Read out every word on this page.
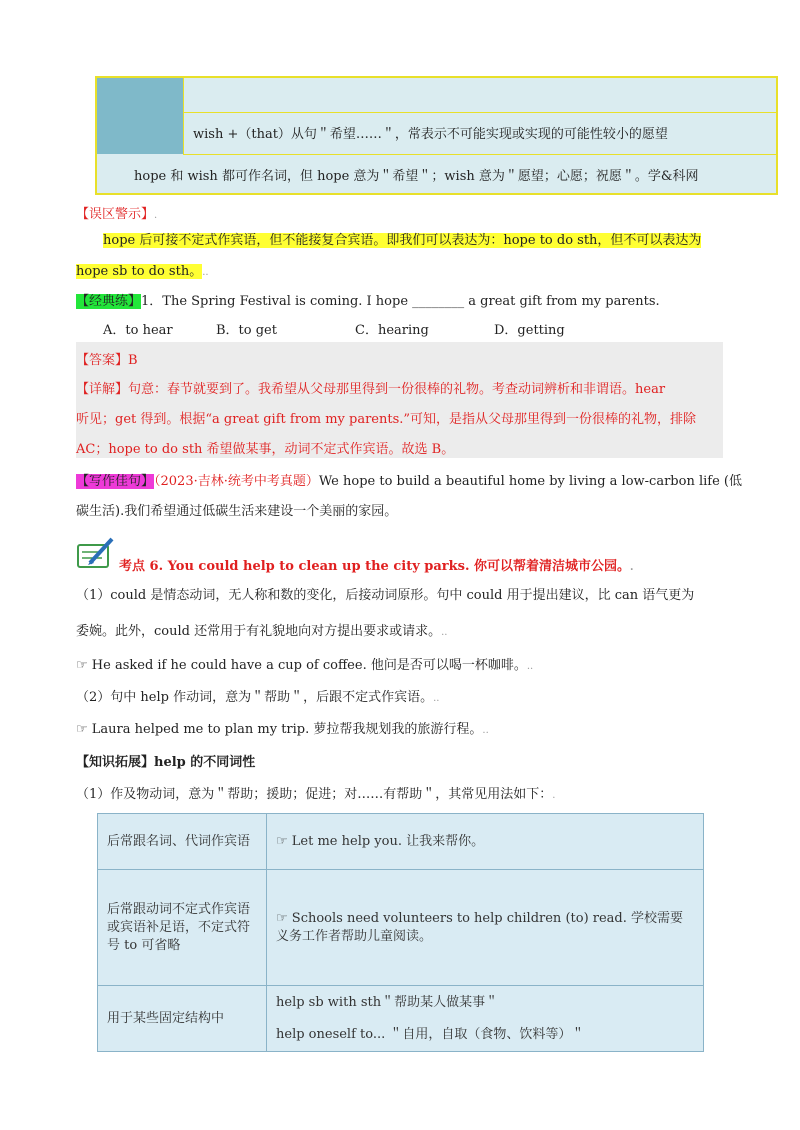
wish +（that）从句＂希望……＂，常表示不可能实现或实现的可能性较小的愿望
hope 和 wish 都可作名词，但 hope 意为＂希望＂；wish 意为＂愿望；心愿；祝愿＂。学&科网
【误区警示】.
hope 后可接不定式作宾语，但不能接复合宾语。即我们可以表达为：hope to do sth，但不可以表达为
hope sb to do sth。..
【经典练】1．The Spring Festival is coming. I hope ________ a great gift from my parents.
A．to hear	B．to get	C．hearing	D．getting
【答案】B
【详解】句意：春节就要到了。我希望从父母那里得到一份很棒的礼物。考查动词辨析和非谓语。hear
听见；get 得到。根据“a great gift from my parents.”可知，是指从父母那里得到一份很棒的礼物，排除
AC；hope to do sth 希望做某事，动词不定式作宾语。故选 B。
【写作佳句】（2023·吉林·统考中考真题）We hope to build a beautiful home by living a low-carbon life (低
碳生活).我们希望通过低碳生活来建设一个美丽的家园。
考点 6. You could help to clean up the city parks. 你可以帮着清洁城市公园。.
（1）could 是情态动词，无人称和数的变化，后接动词原形。句中 could 用于提出建议，比 can 语气更为
委婉。此外，could 还常用于有礼貌地向对方提出要求或请求。..
☞ He asked if he could have a cup of coffee. 他问是否可以喝一杯咖啡。..
（2）句中 help 作动词，意为＂帮助＂，后跟不定式作宾语。..
☞ Laura helped me to plan my trip. 萝拉帮我规划我的旅游行程。..
【知识拓展】help 的不同词性
（1）作及物动词，意为＂帮助；援助；促进；对……有帮助＂，其常见用法如下：.
后常跟名词、代词作宾语	☞ Let me help you. 让我来帮你。
后常跟动词不定式作宾语或宾语补足语，不定式符号 to 可省略	☞ Schools need volunteers to help children (to) read. 学校需要义务工作者帮助儿童阅读。
用于某些固定结构中	help sb with sth＂帮助某人做某事＂
help oneself to... ＂自用，自取（食物、饮料等）＂
